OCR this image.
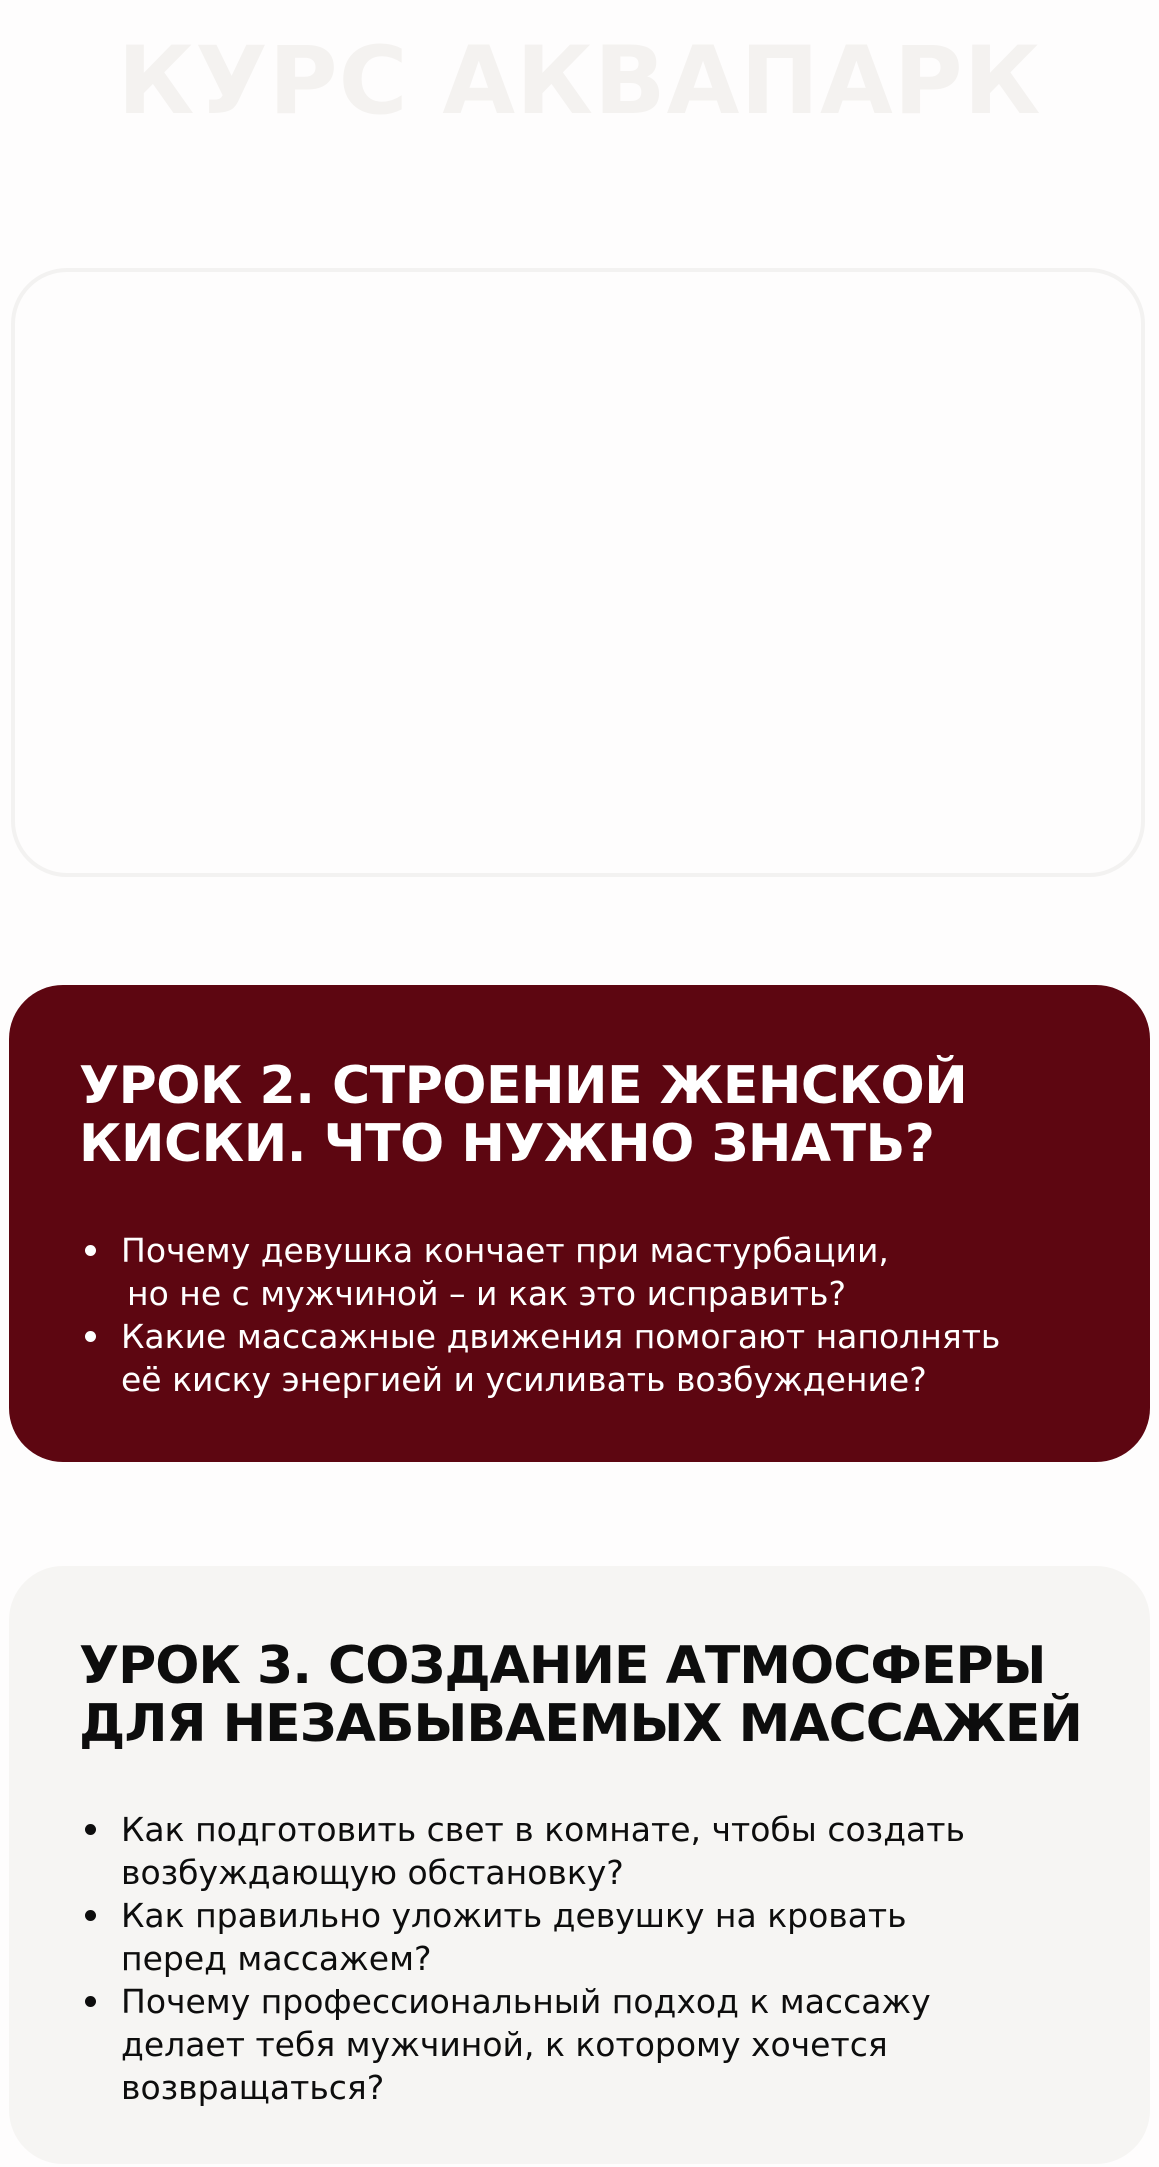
КУРС АКВАПАРК
УРОК 2. СТРОЕНИЕ ЖЕНСКОЙ
КИСКИ. ЧТО НУЖНО ЗНАТЬ?
Почему девушка кончает при мастурбации,
но не с мужчиной – и как это исправить?
Какие массажные движения помогают наполнять
её киску энергией и усиливать возбуждение?
УРОК 3. СОЗДАНИЕ АТМОСФЕРЫ
ДЛЯ НЕЗАБЫВАЕМЫХ МАССАЖЕЙ
Как подготовить свет в комнате, чтобы создать
возбуждающую обстановку?
Как правильно уложить девушку на кровать
перед массажем?
Почему профессиональный подход к массажу
делает тебя мужчиной, к которому хочется
возвращаться?
